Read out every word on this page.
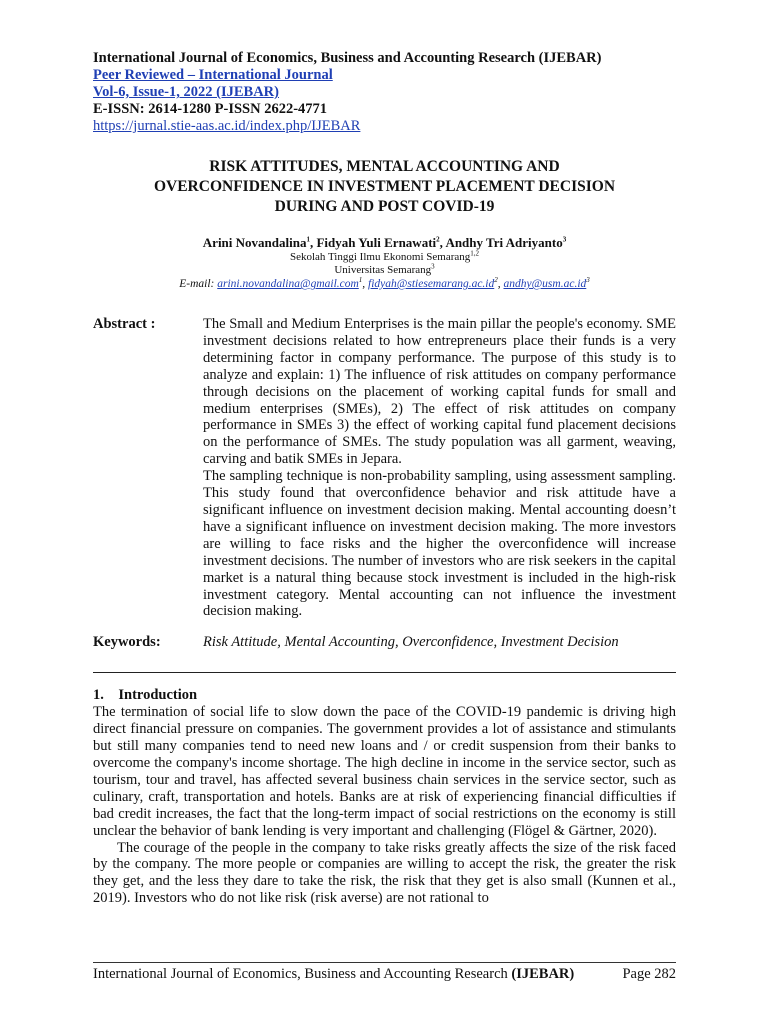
International Journal of Economics, Business and Accounting Research (IJEBAR)
Peer Reviewed – International Journal
Vol-6, Issue-1, 2022 (IJEBAR)
E-ISSN: 2614-1280 P-ISSN 2622-4771
https://jurnal.stie-aas.ac.id/index.php/IJEBAR
RISK ATTITUDES, MENTAL ACCOUNTING AND
OVERCONFIDENCE IN INVESTMENT PLACEMENT DECISION
DURING AND POST COVID-19
Arini Novandalina$^1$, Fidyah Yuli Ernawati$^2$, Andhy Tri Adriyanto$^3$
Sekolah Tinggi Ilmu Ekonomi Semarang$^{1,2}$
Universitas Semarang$^3$
E-mail: arini.novandalina@gmail.com$^1$, $fidyah@stiesemarang.ac.id^2$, $andhy@usm.ac.id^3$
Abstract :	The Small and Medium Enterprises is the main pillar the people's economy. SME investment decisions related to how entrepreneurs place their funds is a very determining factor in company performance. The purpose of this study is to analyze and explain: 1) The influence of risk attitudes on company performance through decisions on the placement of working capital funds for small and medium enterprises (SMEs), 2) The effect of risk attitudes on company performance in SMEs 3) the effect of working capital fund placement decisions on the performance of SMEs. The study population was all garment, weaving, carving and batik SMEs in Jepara.

The sampling technique is non-probability sampling, using assessment sampling. This study found that overconfidence behavior and risk attitude have a significant influence on investment decision making. Mental accounting doesn’t have a significant influence on investment decision making. The more investors are willing to face risks and the higher the overconfidence will increase investment decisions. The number of investors who are risk seekers in the capital market is a natural thing because stock investment is included in the high-risk investment category. Mental accounting can not influence the investment decision making.

Keywords:	Risk Attitude, Mental Accounting, Overconfidence, Investment Decision
1.    Introduction

The termination of social life to slow down the pace of the COVID-19 pandemic is driving high direct financial pressure on companies. The government provides a lot of assistance and stimulants but still many companies tend to need new loans and / or credit suspension from their banks to overcome the company's income shortage. The high decline in income in the service sector, such as tourism, tour and travel, has affected several business chain services in the service sector, such as culinary, craft, transportation and hotels. Banks are at risk of experiencing financial difficulties if bad credit increases, the fact that the long-term impact of social restrictions on the economy is still unclear the behavior of bank lending is very important and challenging (Flögel & Gärtner, 2020).

The courage of the people in the company to take risks greatly affects the size of the risk faced by the company. The more people or companies are willing to accept the risk, the greater the risk they get, and the less they dare to take the risk, the risk that they get is also small (Kunnen et al., 2019). Investors who do not like risk (risk averse) are not rational to

International Journal of Economics, Business and Accounting Research (IJEBAR)	Page 282
